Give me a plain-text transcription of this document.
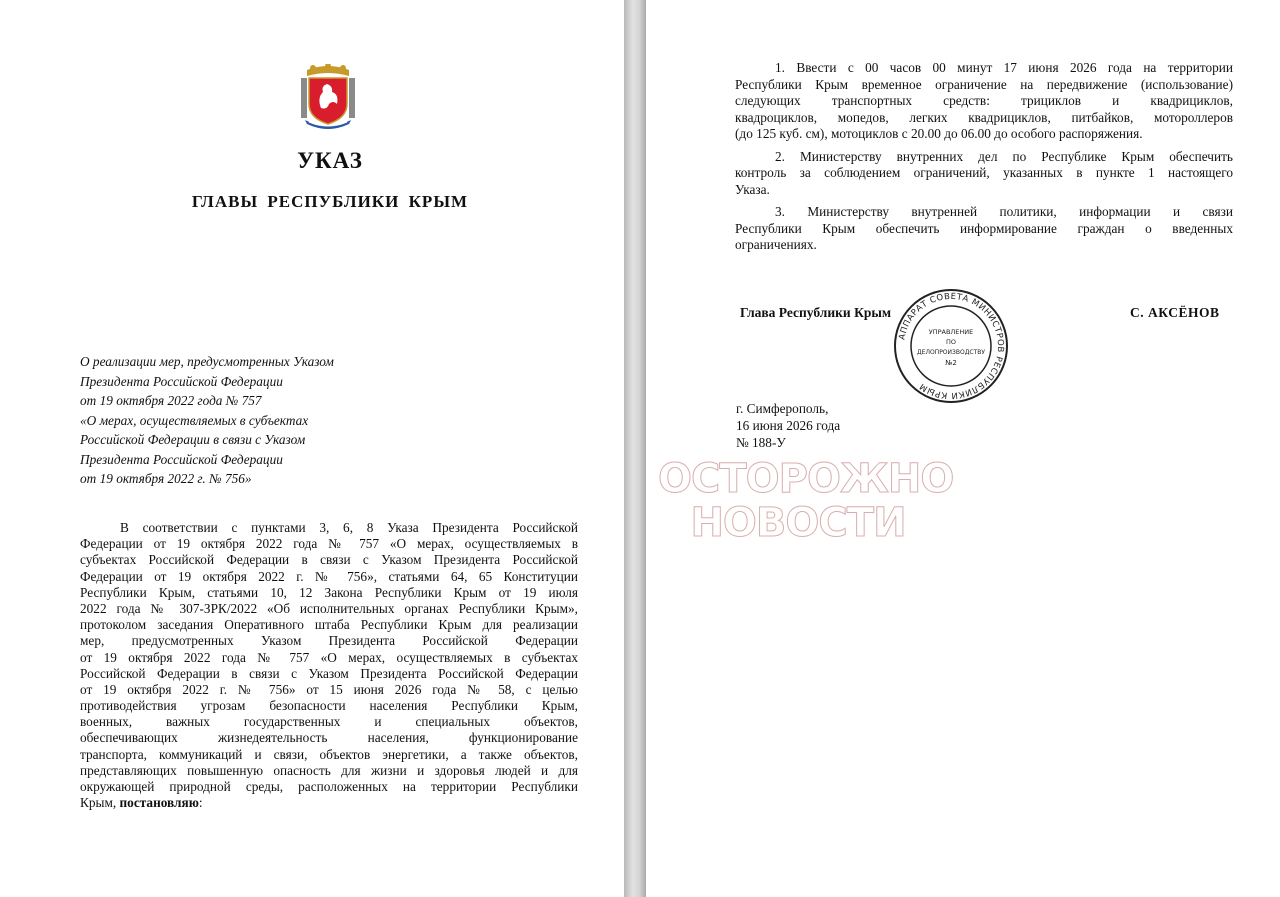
УКАЗ
ГЛАВЫ РЕСПУБЛИКИ КРЫМ
О реализации мер, предусмотренных Указом
Президента Российской Федерации
от 19 октября 2022 года № 757
«О мерах, осуществляемых в субъектах
Российской Федерации в связи с Указом
Президента Российской Федерации
от 19 октября 2022 г. № 756»
В соответствии с пунктами 3, 6, 8 Указа Президента Российской
Федерации от 19 октября 2022 года № 757 «О мерах, осуществляемых в
субъектах Российской Федерации в связи с Указом Президента Российской
Федерации от 19 октября 2022 г. № 756», статьями 64, 65 Конституции
Республики Крым, статьями 10, 12 Закона Республики Крым от 19 июля
2022 года № 307-ЗРК/2022 «Об исполнительных органах Республики Крым»,
протоколом заседания Оперативного штаба Республики Крым для реализации
мер, предусмотренных Указом Президента Российской Федерации
от 19 октября 2022 года № 757 «О мерах, осуществляемых в субъектах
Российской Федерации в связи с Указом Президента Российской Федерации
от 19 октября 2022 г. № 756» от 15 июня 2026 года № 58, с целью
противодействия угрозам безопасности населения Республики Крым,
военных, важных государственных и специальных объектов,
обеспечивающих жизнедеятельность населения, функционирование
транспорта, коммуникаций и связи, объектов энергетики, а также объектов,
представляющих повышенную опасность для жизни и здоровья людей и для
окружающей природной среды, расположенных на территории Республики
Крым, постановляю:
1. Ввести с 00 часов 00 минут 17 июня 2026 года на территории
Республики Крым временное ограничение на передвижение (использование)
следующих транспортных средств: трициклов и квадрициклов,
квадроциклов, мопедов, легких квадрициклов, питбайков, мотороллеров
(до 125 куб. см), мотоциклов с 20.00 до 06.00 до особого распоряжения.
2. Министерству внутренних дел по Республике Крым обеспечить
контроль за соблюдением ограничений, указанных в пункте 1 настоящего
Указа.
3. Министерству внутренней политики, информации и связи
Республики Крым обеспечить информирование граждан о введенных
ограничениях.
Глава Республики Крым	С. АКСЁНОВ
АППАРАТ СОВЕТА МИНИСТРОВ РЕСПУБЛИКИ КРЫМ
УПРАВЛЕНИЕ
ПО
ДЕЛОПРОИЗВОДСТВУ
№2
г. Симферополь,
16 июня 2026 года
№ 188-У
ОСТОРОЖНО
НОВОСТИ
